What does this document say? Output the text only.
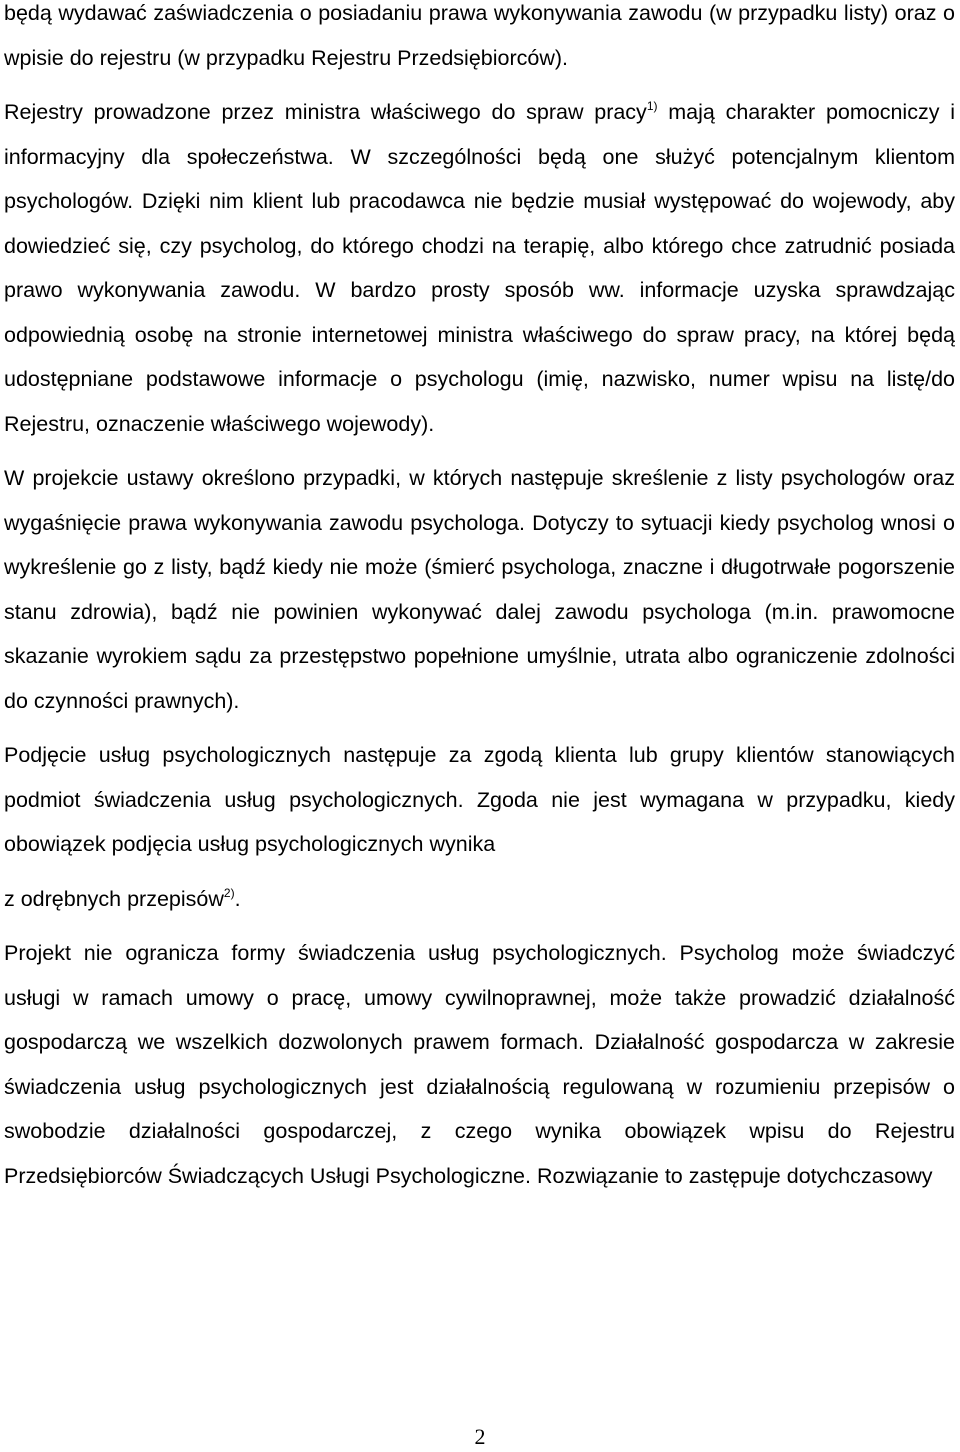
będą wydawać zaświadczenia o posiadaniu prawa wykonywania zawodu (w przypadku listy) oraz o wpisie do rejestru (w przypadku Rejestru Przedsiębiorców).

Rejestry prowadzone przez ministra właściwego do spraw pracy$^{1)}$ mają charakter pomocniczy i informacyjny dla społeczeństwa. W szczególności będą one służyć potencjalnym klientom psychologów. Dzięki nim klient lub pracodawca nie będzie musiał występować do wojewody, aby dowiedzieć się, czy psycholog, do którego chodzi na terapię, albo którego chce zatrudnić posiada prawo wykonywania zawodu. W bardzo prosty sposób ww. informacje uzyska sprawdzając odpowiednią osobę na stronie internetowej ministra właściwego do spraw pracy, na której będą udostępniane podstawowe informacje o psychologu (imię, nazwisko, numer wpisu na listę/do Rejestru, oznaczenie właściwego wojewody).

W projekcie ustawy określono przypadki, w których następuje skreślenie z listy psychologów oraz wygaśnięcie prawa wykonywania zawodu psychologa. Dotyczy to sytuacji kiedy psycholog wnosi o wykreślenie go z listy, bądź kiedy nie może (śmierć psychologa, znaczne i długotrwałe pogorszenie stanu zdrowia), bądź nie powinien wykonywać dalej zawodu psychologa (m.in. prawomocne skazanie wyrokiem sądu za przestępstwo popełnione umyślnie, utrata albo ograniczenie zdolności do czynności prawnych).

Podjęcie usług psychologicznych następuje za zgodą klienta lub grupy klientów stanowiących podmiot świadczenia usług psychologicznych. Zgoda nie jest wymagana w przypadku, kiedy obowiązek podjęcia usług psychologicznych wynika

z odrębnych przepisów$^{2)}$.

Projekt nie ogranicza formy świadczenia usług psychologicznych. Psycholog może świadczyć usługi w ramach umowy o pracę, umowy cywilnoprawnej, może także prowadzić działalność gospodarczą we wszelkich dozwolonych prawem formach. Działalność gospodarcza w zakresie świadczenia usług psychologicznych jest działalnością regulowaną w rozumieniu przepisów o swobodzie działalności gospodarczej, z czego wynika obowiązek wpisu do Rejestru Przedsiębiorców Świadczących Usługi Psychologiczne. Rozwiązanie to zastępuje dotychczasowy

2
